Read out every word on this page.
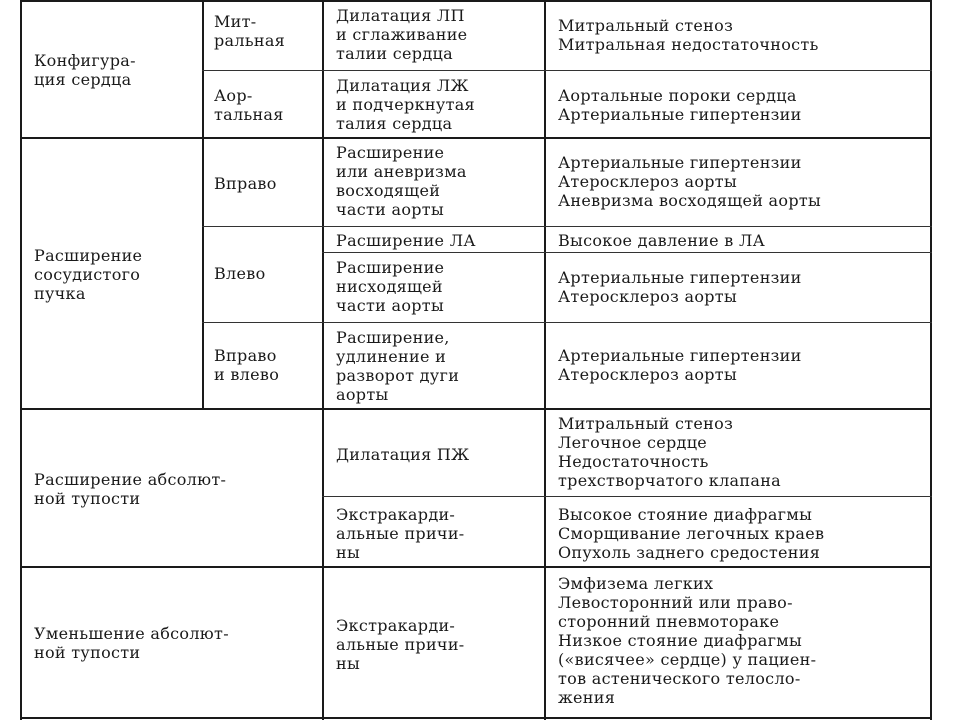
Конфигура-
ция сердца
Мит-
ральная
Дилатация ЛП
и сглаживание
талии сердца
Митральный стеноз
Митральная недостаточность
Аор-
тальная
Дилатация ЛЖ
и подчеркнутая
талия сердца
Аортальные пороки сердца
Артериальные гипертензии
Расширение
сосудистого
пучка
Вправо
Расширение
или аневризма
восходящей
части аорты
Артериальные гипертензии
Атеросклероз аорты
Аневризма восходящей аорты
Влево
Расширение ЛА	Высокое давление в ЛА
Расширение
нисходящей
части аорты
Артериальные гипертензии
Атеросклероз аорты
Вправо
и влево
Расширение,
удлинение и
разворот дуги
аорты
Артериальные гипертензии
Атеросклероз аорты
Расширение абсолют-
ной тупости
Дилатация ПЖ
Митральный стеноз
Легочное сердце
Недостаточность
трехстворчатого клапана
Экстракарди-
альные причи-
ны
Высокое стояние диафрагмы
Сморщивание легочных краев
Опухоль заднего средостения
Уменьшение абсолют-
ной тупости
Экстракарди-
альные причи-
ны
Эмфизема легких
Левосторонний или право-
сторонний пневмотораке
Низкое стояние диафрагмы
(«висячее» сердце) у пациен-
тов астенического телосло-
жения
